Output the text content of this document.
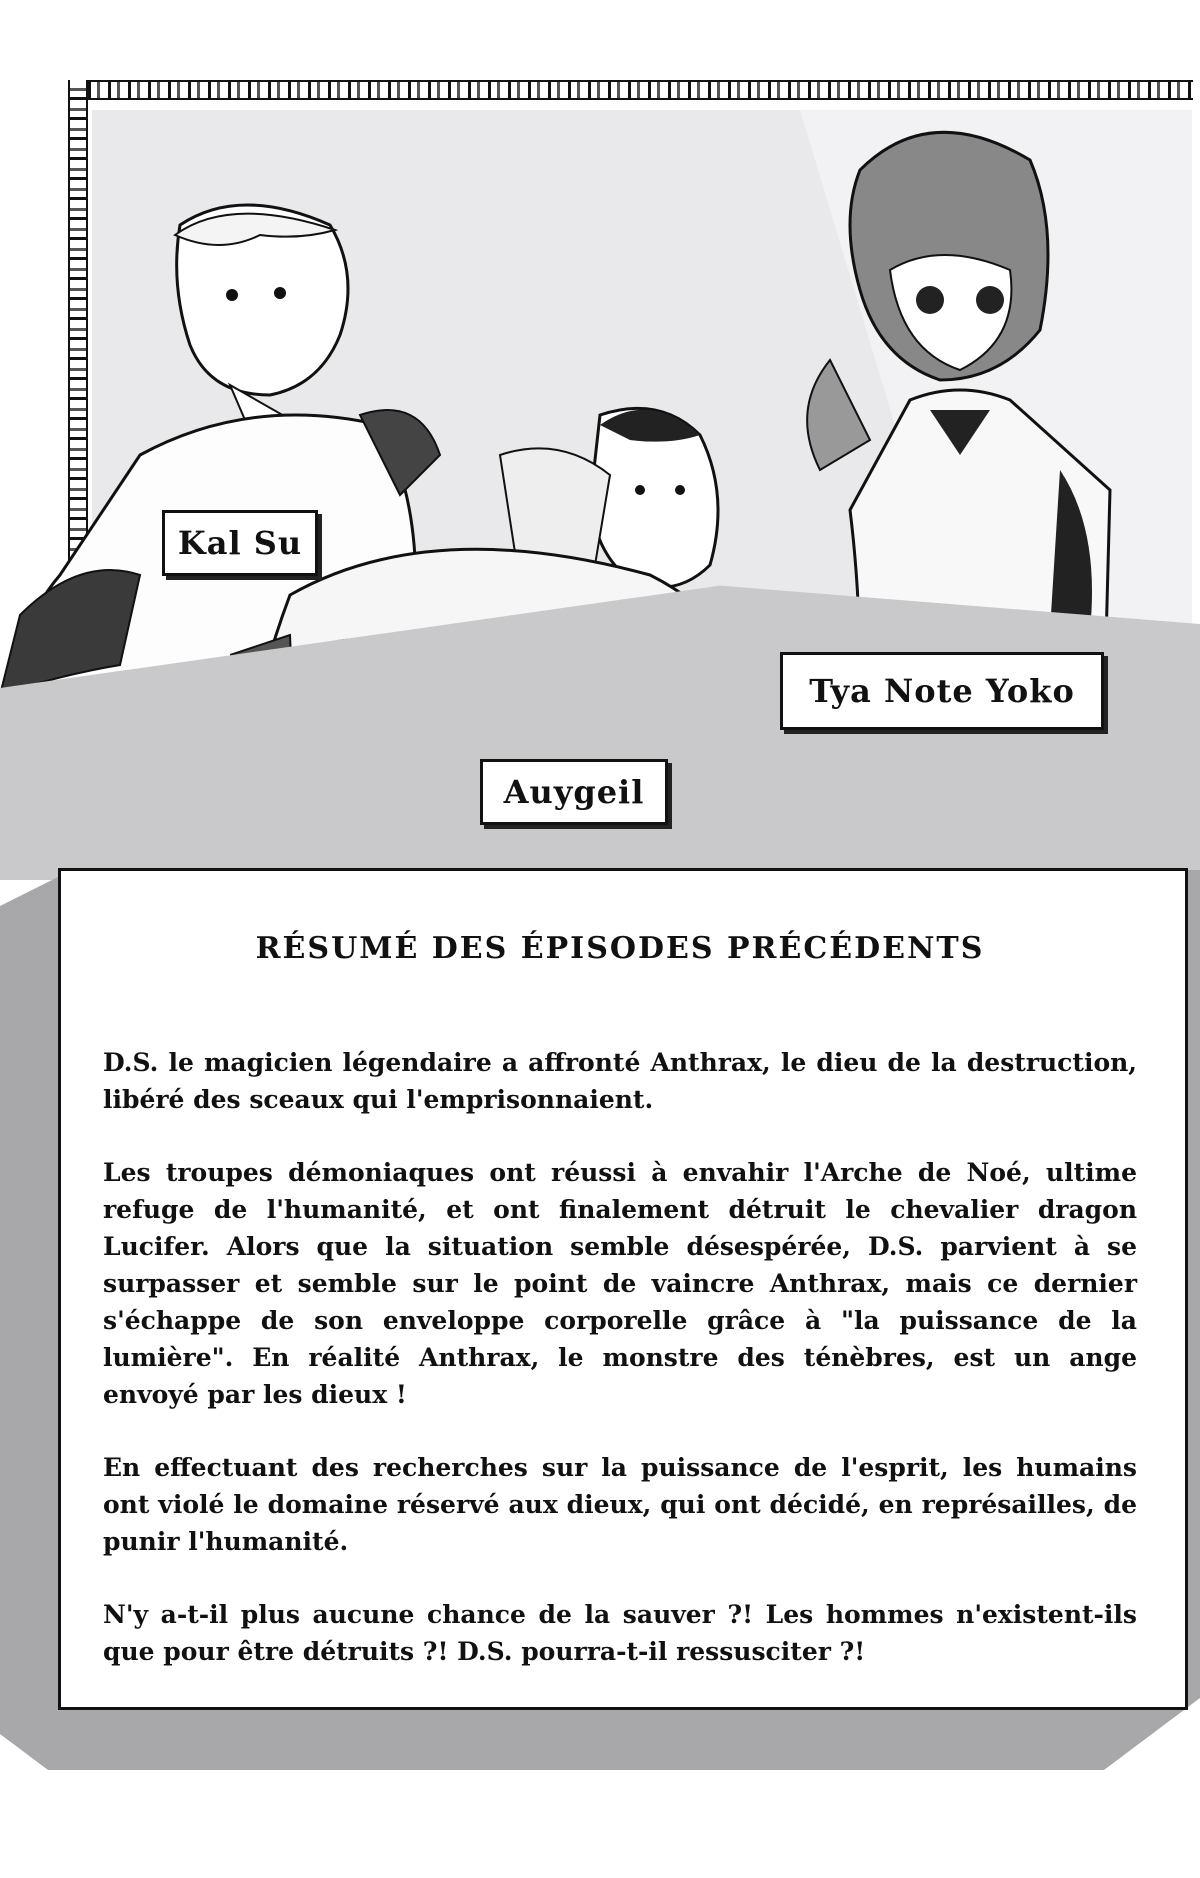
Kal Su
Auygeil
Tya Note Yoko
RÉSUMÉ DES ÉPISODES PRÉCÉDENTS

D.S. le magicien légendaire a affronté Anthrax, le dieu de la destruction, libéré des sceaux qui l'emprisonnaient.

Les troupes démoniaques ont réussi à envahir l'Arche de Noé, ultime refuge de l'humanité, et ont finalement détruit le chevalier dragon Lucifer. Alors que la situation semble désespérée, D.S. parvient à se surpasser et semble sur le point de vaincre Anthrax, mais ce dernier s'échappe de son enveloppe corporelle grâce à "la puissance de la lumière". En réalité Anthrax, le monstre des ténèbres, est un ange envoyé par les dieux !

En effectuant des recherches sur la puissance de l'esprit, les humains ont violé le domaine réservé aux dieux, qui ont décidé, en représailles, de punir l'humanité.

N'y a-t-il plus aucune chance de la sauver ?! Les hommes n'existent-ils que pour être détruits ?! D.S. pourra-t-il ressusciter ?!
